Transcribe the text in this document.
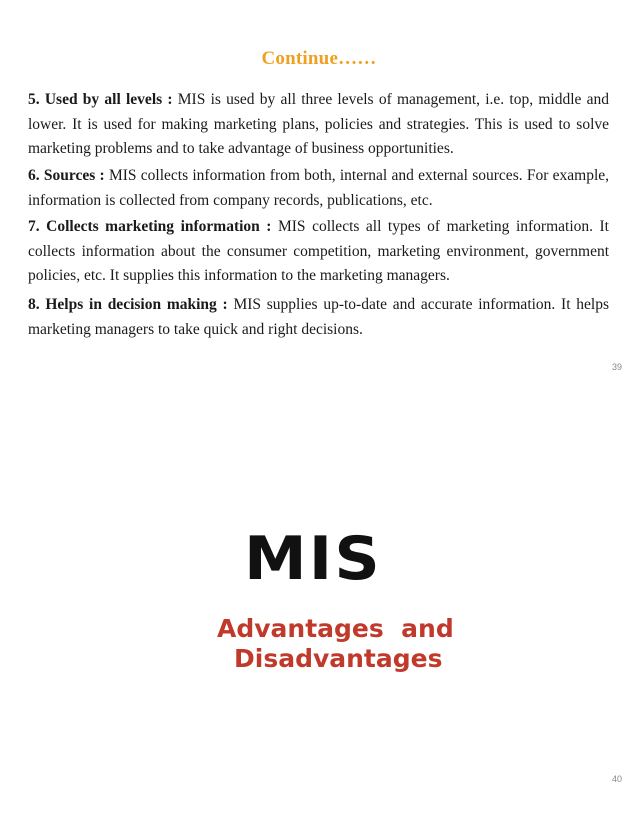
Continue……

5. Used by all levels : MIS is used by all three levels of management, i.e. top, middle and lower. It is used for making marketing plans, policies and strategies. This is used to solve marketing problems and to take advantage of business opportunities.

6. Sources : MIS collects information from both, internal and external sources. For example, information is collected from company records, publications, etc.

7. Collects marketing information : MIS collects all types of marketing information. It collects information about the consumer competition, marketing environment, government policies, etc. It supplies this information to the marketing managers.

8. Helps in decision making : MIS supplies up-to-date and accurate information. It helps marketing managers to take quick and right decisions.

39
MIS
Advantages  and
Disadvantages
40
